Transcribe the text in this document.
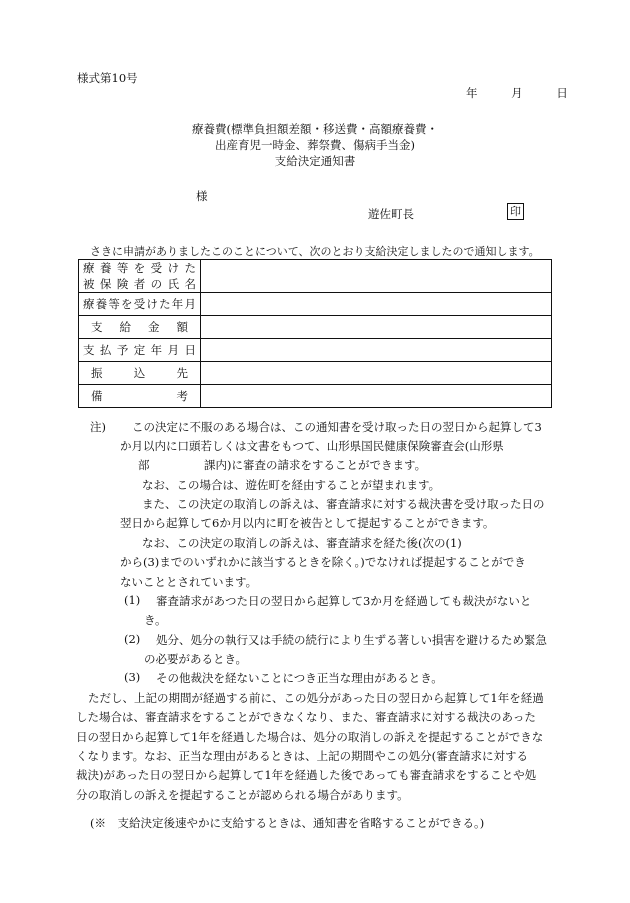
様式第10号
年	月	日
療養費(標準負担額差額・移送費・高額療養費・
出産育児一時金、葬祭費、傷病手当金)
支給決定通知書
様
遊佐町長	印
さきに申請がありましたこのことについて、次のとおり支給決定しましたので通知します。
療養等を受けた
被保険者の氏名	

療養等を受けた年月	

支給金額	

支払予定年月日	

振込先	

備考	

注) この決定に不服のある場合は、この通知書を受け取った日の翌日から起算して3
か月以内に口頭若しくは文書をもつて、山形県国民健康保険審査会(山形県
部	課内)に審査の請求をすることができます。
なお、この場合は、遊佐町を経由することが望まれます。
また、この決定の取消しの訴えは、審査請求に対する裁決書を受け取った日の
翌日から起算して6か月以内に町を被告として提起することができます。
なお、この決定の取消しの訴えは、審査請求を経た後(次の(1)
から(3)までのいずれかに該当するときを除く。)でなければ提起することができ
ないこととされています。
(1) 審査請求があつた日の翌日から起算して3か月を経過しても裁決がないと
き。
(2) 処分、処分の執行又は手続の続行により生ずる著しい損害を避けるため緊急
の必要があるとき。
(3) その他裁決を経ないことにつき正当な理由があるとき。
ただし、上記の期間が経過する前に、この処分があった日の翌日から起算して1年を経過
した場合は、審査請求をすることができなくなり、また、審査請求に対する裁決のあった
日の翌日から起算して1年を経過した場合は、処分の取消しの訴えを提起することができな
くなります。なお、正当な理由があるときは、上記の期間やこの処分(審査請求に対する
裁決)があった日の翌日から起算して1年を経過した後であっても審査請求をすることや処
分の取消しの訴えを提起することが認められる場合があります。
(※　支給決定後速やかに支給するときは、通知書を省略することができる。)
